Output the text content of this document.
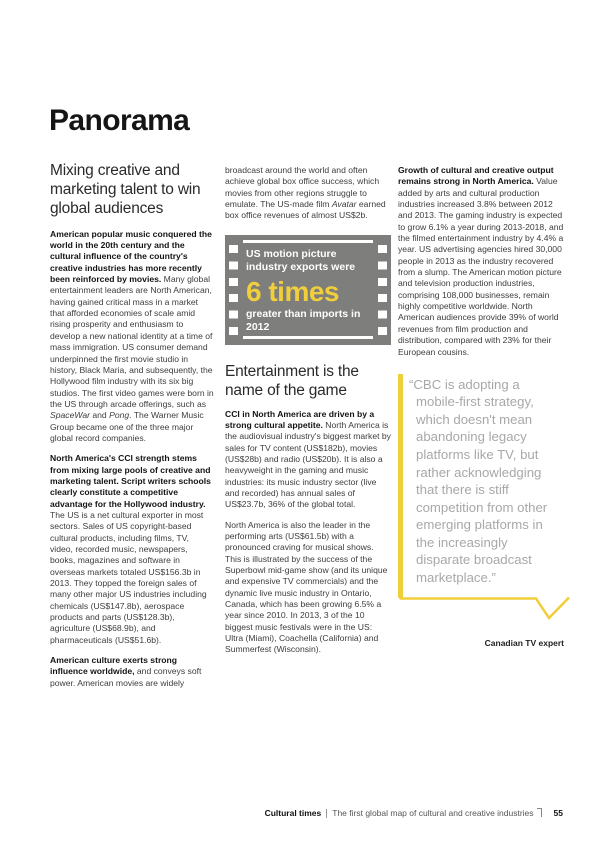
Panorama
Mixing creative and marketing talent to win global audiences

American popular music conquered the world in the 20th century and the cultural influence of the country's creative industries has more recently been reinforced by movies. Many global entertainment leaders are North American, having gained critical mass in a market that afforded economies of scale amid rising prosperity and enthusiasm to develop a new national identity at a time of mass immigration. US consumer demand underpinned the first movie studio in history, Black Maria, and subsequently, the Hollywood film industry with its six big studios. The first video games were born in the US through arcade offerings, such as SpaceWar and Pong. The Warner Music Group became one of the three major global record companies.

North America's CCI strength stems from mixing large pools of creative and marketing talent. Script writers schools clearly constitute a competitive advantage for the Hollywood industry. The US is a net cultural exporter in most sectors. Sales of US copyright-based cultural products, including films, TV, video, recorded music, newspapers, books, magazines and software in overseas markets totaled US$156.3b in 2013. They topped the foreign sales of many other major US industries including chemicals (US$147.8b), aerospace products and parts (US$128.3b), agriculture (US$68.9b), and pharmaceuticals (US$51.6b).

American culture exerts strong influence worldwide, and conveys soft power. American movies are widely

broadcast around the world and often achieve global box office success, which movies from other regions struggle to emulate. The US-made film Avatar earned box office revenues of almost US$2b.

US motion picture industry exports were
6 times
greater than imports in 2012
Entertainment is the name of the game

CCI in North America are driven by a strong cultural appetite. North America is the audiovisual industry's biggest market by sales for TV content (US$182b), movies (US$28b) and radio (US$20b). It is also a heavyweight in the gaming and music industries: its music industry sector (live and recorded) has annual sales of US$23.7b, 36% of the global total.

North America is also the leader in the performing arts (US$61.5b) with a pronounced craving for musical shows. This is illustrated by the success of the Superbowl mid-game show (and its unique and expensive TV commercials) and the dynamic live music industry in Ontario, Canada, which has been growing 6.5% a year since 2010. In 2013, 3 of the 10 biggest music festivals were in the US: Ultra (Miami), Coachella (California) and Summerfest (Wisconsin).

Growth of cultural and creative output remains strong in North America. Value added by arts and cultural production industries increased 3.8% between 2012 and 2013. The gaming industry is expected to grow 6.1% a year during 2013-2018, and the filmed entertainment industry by 4.4% a year. US advertising agencies hired 30,000 people in 2013 as the industry recovered from a slump. The American motion picture and television production industries, comprising 108,000 businesses, remain highly competitive worldwide. North American audiences provide 39% of world revenues from film production and distribution, compared with 23% for their European cousins.

“CBC is adopting a mobile-first strategy, which doesn't mean abandoning legacy platforms like TV, but rather acknowledging that there is stiff competition from other emerging platforms in the increasingly disparate broadcast marketplace.”
Canadian TV expert
Cultural times The first global map of cultural and creative industries 55
